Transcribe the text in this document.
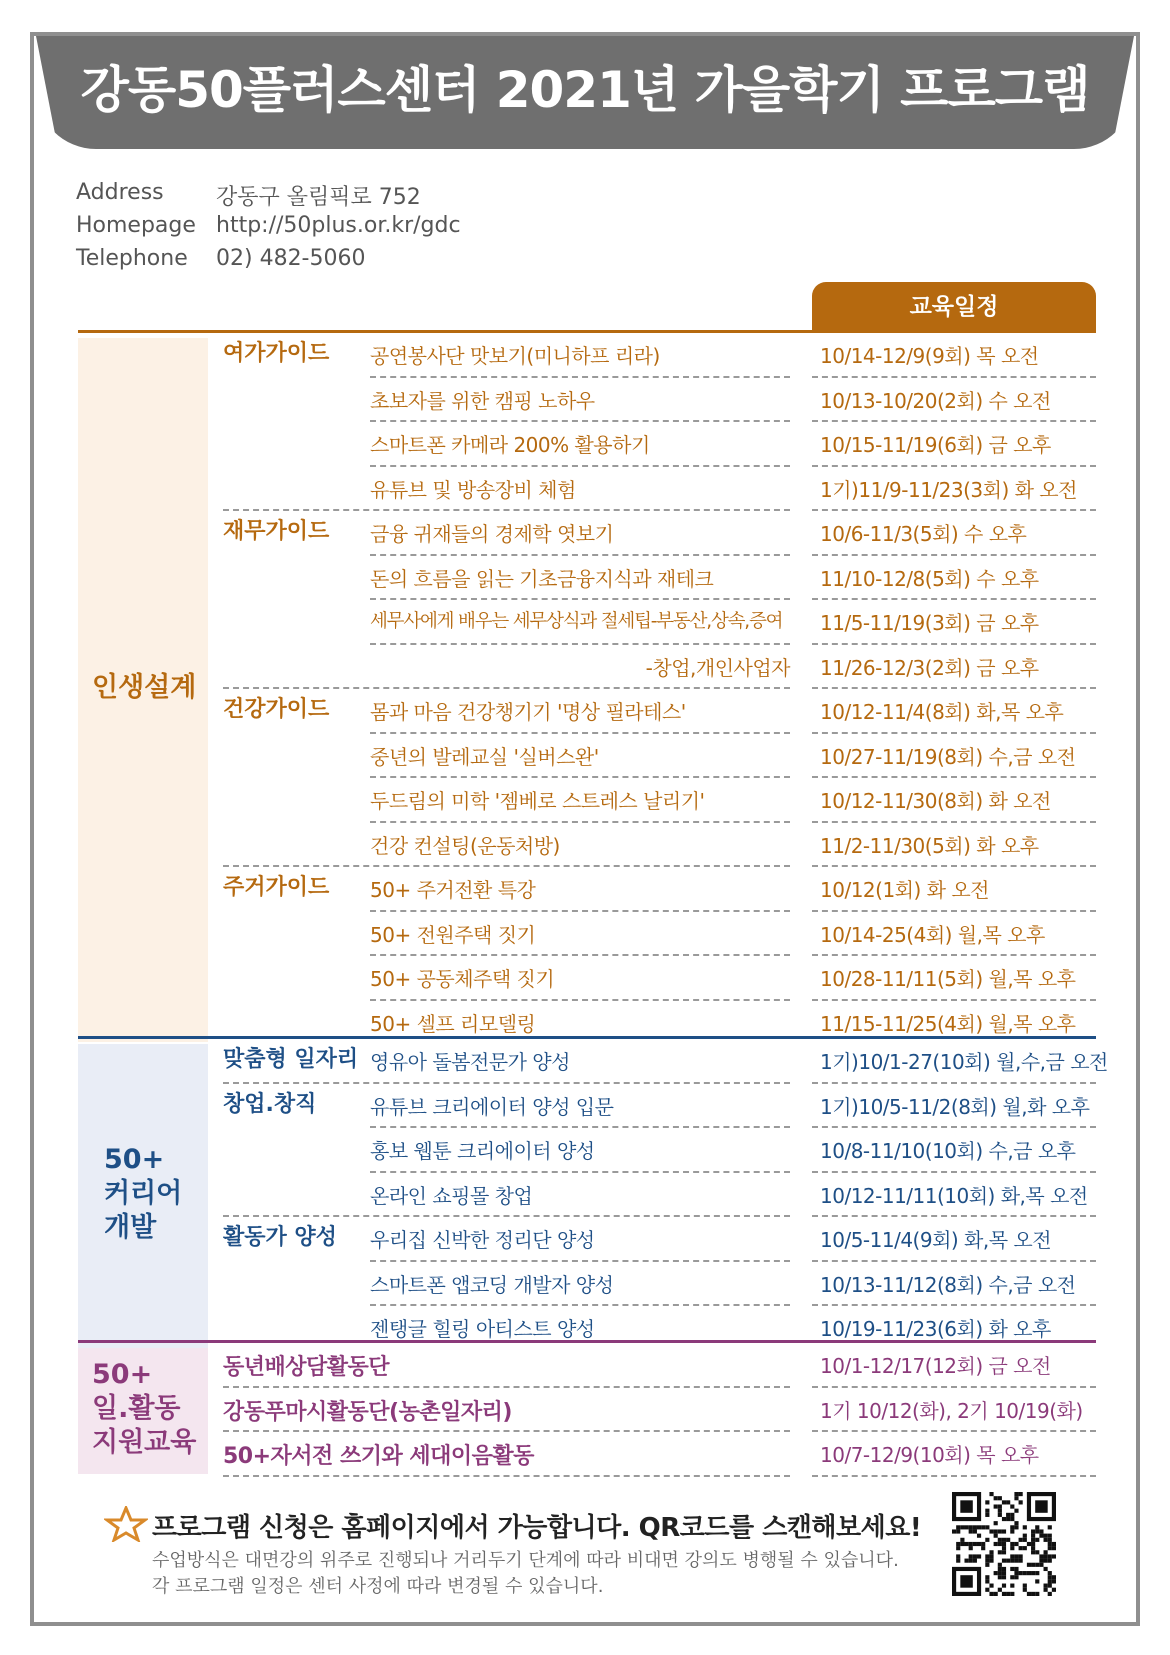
강동50플러스센터 2021년 가을학기 프로그램
Address	강동구 올림픽로 752
Homepage http://50plus.or.kr/gdc
Telephone	02) 482-5060
교육일정
인생설계
여가가이드 공연봉사단 맛보기(미니하프 리라)	10/14-12/9(9회) 목 오전
초보자를 위한 캠핑 노하우	10/13-10/20(2회) 수 오전
스마트폰 카메라 200% 활용하기	10/15-11/19(6회) 금 오후
유튜브 및 방송장비 체험	1기)11/9-11/23(3회) 화 오전
재무가이드 금융 귀재들의 경제학 엿보기	10/6-11/3(5회) 수 오후
돈의 흐름을 읽는 기초금융지식과 재테크	11/10-12/8(5회) 수 오후
세무사에게 배우는 세무상식과 절세팁-부동산,상속,증여 11/5-11/19(3회) 금 오후
-창업,개인사업자 11/26-12/3(2회) 금 오후
건강가이드 몸과 마음 건강챙기기 '명상 필라테스'	10/12-11/4(8회) 화,목 오후
중년의 발레교실 '실버스완'	10/27-11/19(8회) 수,금 오전
두드림의 미학 '젬베로 스트레스 날리기'	10/12-11/30(8회) 화 오전
건강 컨설팅(운동처방)	11/2-11/30(5회) 화 오후
주거가이드 50+ 주거전환 특강	10/12(1회) 화 오전
50+ 전원주택 짓기	10/14-25(4회) 월,목 오후
50+ 공동체주택 짓기	10/28-11/11(5회) 월,목 오후
50+ 셀프 리모델링	11/15-11/25(4회) 월,목 오후
50+
커리어
개발
맞춤형 일자리 영유아 돌봄전문가 양성	1기)10/1-27(10회) 월,수,금 오전
창업.창직	유튜브 크리에이터 양성 입문	1기)10/5-11/2(8회) 월,화 오후
홍보 웹툰 크리에이터 양성	10/8-11/10(10회) 수,금 오후
온라인 쇼핑몰 창업	10/12-11/11(10회) 화,목 오전
활동가 양성 우리집 신박한 정리단 양성	10/5-11/4(9회) 화,목 오전
스마트폰 앱코딩 개발자 양성	10/13-11/12(8회) 수,금 오전
젠탱글 힐링 아티스트 양성	10/19-11/23(6회) 화 오후
50+
일.활동
지원교육
동년배상담활동단	10/1-12/17(12회) 금 오전
강동푸마시활동단(농촌일자리)	1기 10/12(화), 2기 10/19(화)
50+자서전 쓰기와 세대이음활동	10/7-12/9(10회) 목 오후
프로그램 신청은 홈페이지에서 가능합니다. QR코드를 스캔해보세요!
수업방식은 대면강의 위주로 진행되나 거리두기 단계에 따라 비대면 강의도 병행될 수 있습니다.
각 프로그램 일정은 센터 사정에 따라 변경될 수 있습니다.
